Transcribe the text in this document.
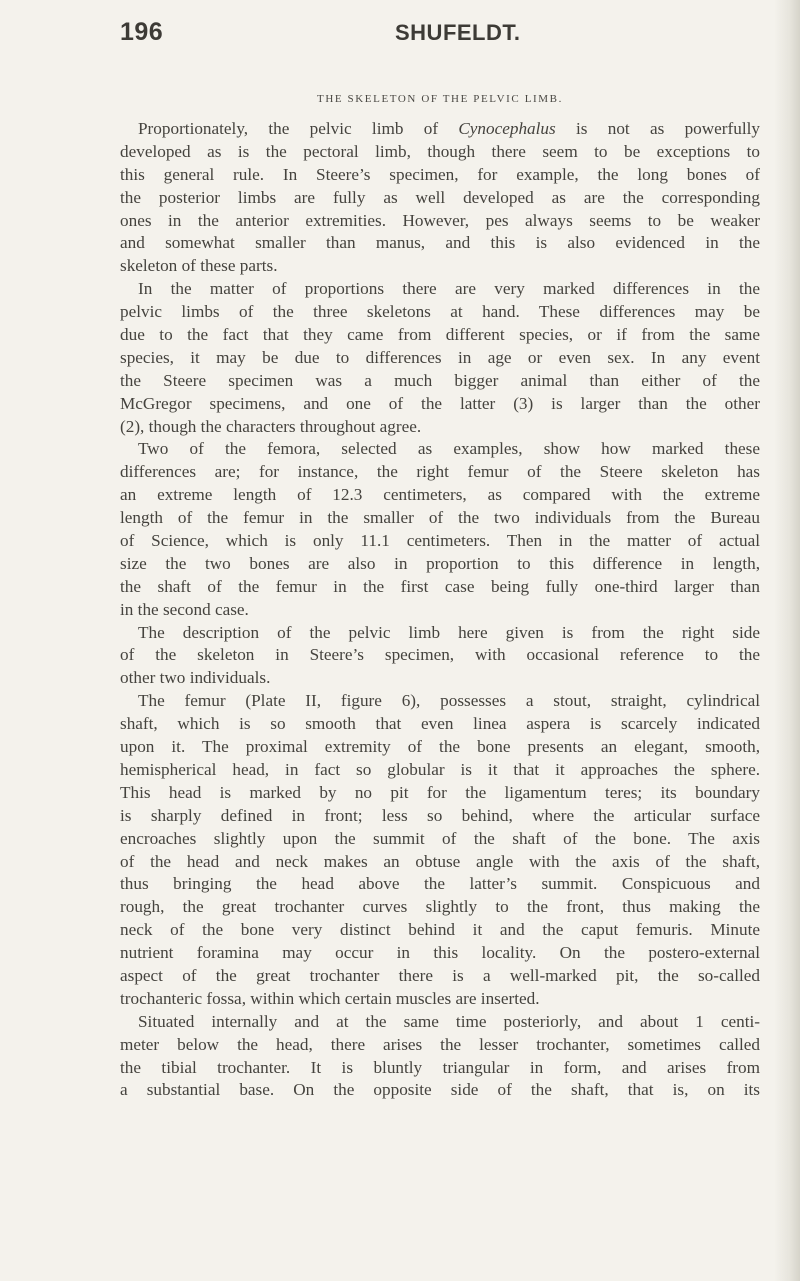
196	SHUFELDT.
THE SKELETON OF THE PELVIC LIMB.
Proportionately, the pelvic limb of Cynocephalus is not as powerfully
developed as is the pectoral limb, though there seem to be exceptions to
this general rule. In Steere’s specimen, for example, the long bones of
the posterior limbs are fully as well developed as are the corresponding
ones in the anterior extremities. However, pes always seems to be weaker
and somewhat smaller than manus, and this is also evidenced in the
skeleton of these parts.
In the matter of proportions there are very marked differences in the
pelvic limbs of the three skeletons at hand. These differences may be
due to the fact that they came from different species, or if from the same
species, it may be due to differences in age or even sex. In any event
the Steere specimen was a much bigger animal than either of the
McGregor specimens, and one of the latter (3) is larger than the other
(2), though the characters throughout agree.
Two of the femora, selected as examples, show how marked these
differences are; for instance, the right femur of the Steere skeleton has
an extreme length of 12.3 centimeters, as compared with the extreme
length of the femur in the smaller of the two individuals from the Bureau
of Science, which is only 11.1 centimeters. Then in the matter of actual
size the two bones are also in proportion to this difference in length,
the shaft of the femur in the first case being fully one-third larger than
in the second case.
The description of the pelvic limb here given is from the right side
of the skeleton in Steere’s specimen, with occasional reference to the
other two individuals.
The femur (Plate II, figure 6), possesses a stout, straight, cylindrical
shaft, which is so smooth that even linea aspera is scarcely indicated
upon it. The proximal extremity of the bone presents an elegant, smooth,
hemispherical head, in fact so globular is it that it approaches the sphere.
This head is marked by no pit for the ligamentum teres; its boundary
is sharply defined in front; less so behind, where the articular surface
encroaches slightly upon the summit of the shaft of the bone. The axis
of the head and neck makes an obtuse angle with the axis of the shaft,
thus bringing the head above the latter’s summit. Conspicuous and
rough, the great trochanter curves slightly to the front, thus making the
neck of the bone very distinct behind it and the caput femuris. Minute
nutrient foramina may occur in this locality. On the postero-external
aspect of the great trochanter there is a well-marked pit, the so-called
trochanteric fossa, within which certain muscles are inserted.
Situated internally and at the same time posteriorly, and about 1 centi-
meter below the head, there arises the lesser trochanter, sometimes called
the tibial trochanter. It is bluntly triangular in form, and arises from
a substantial base. On the opposite side of the shaft, that is, on its
